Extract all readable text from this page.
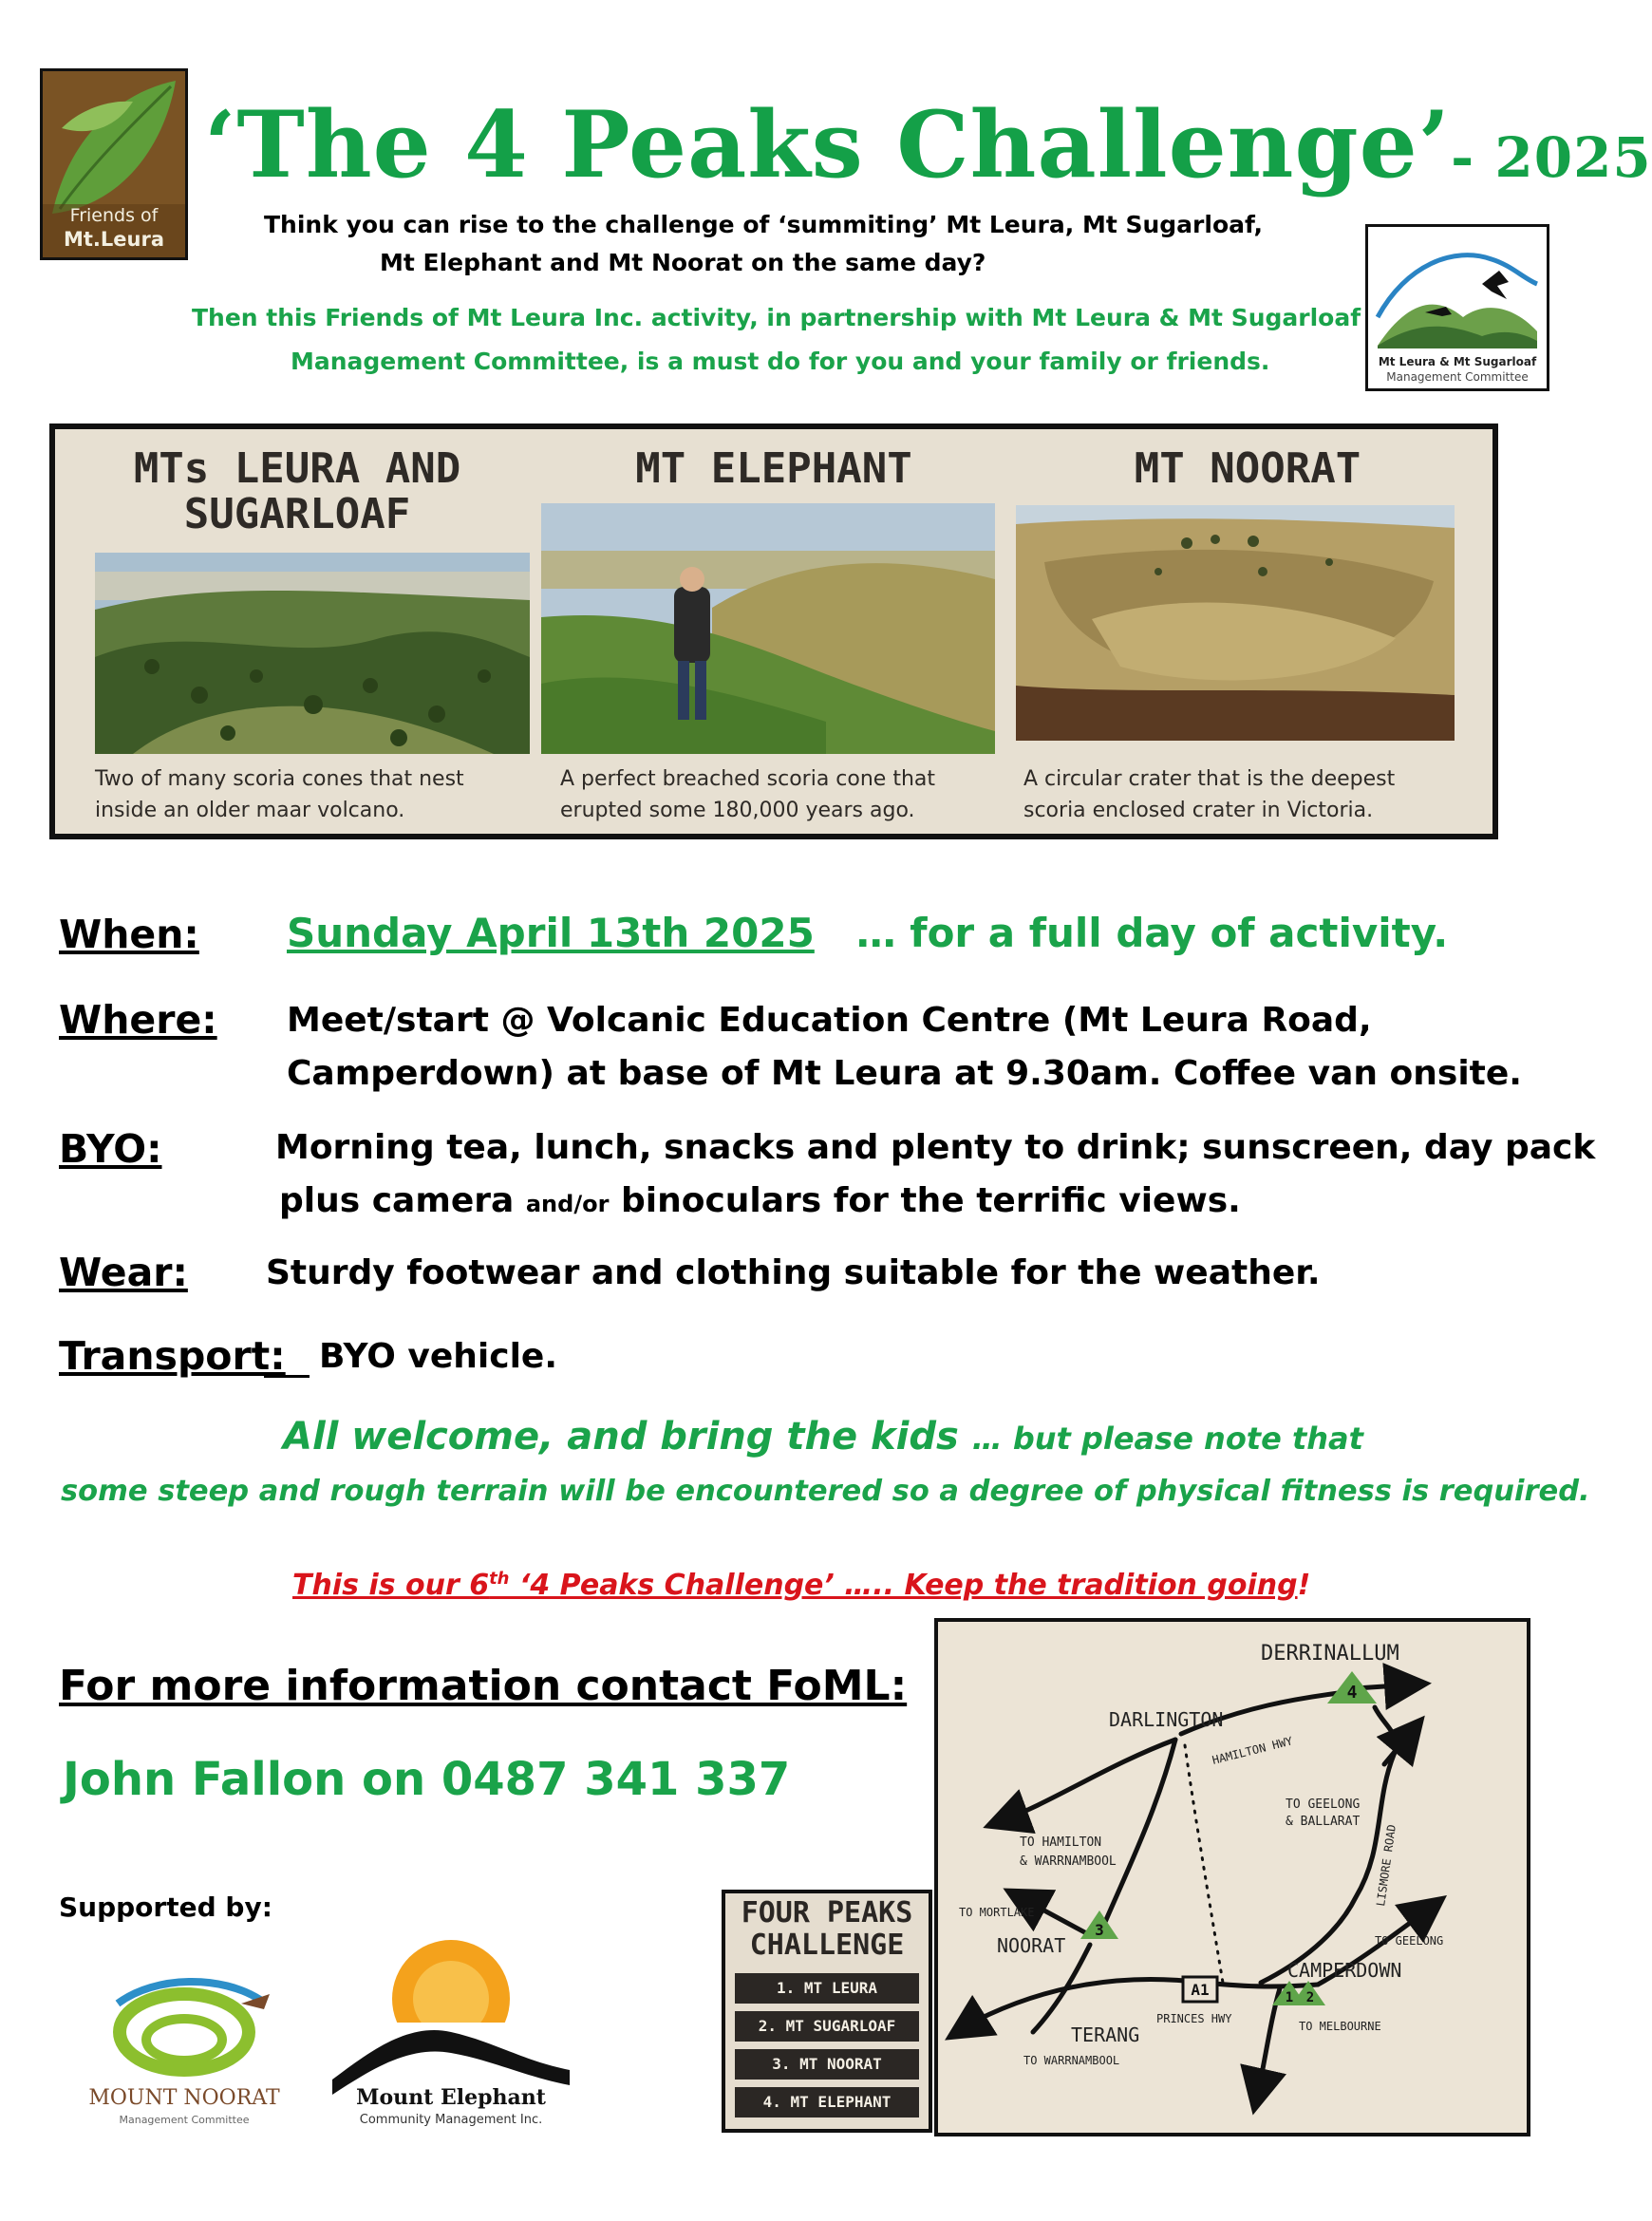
Friends of
Mt.Leura
‘The 4 Peaks Challenge’- 2025
Think you can rise to the challenge of ‘summiting’ Mt Leura, Mt Sugarloaf,
Mt Elephant and Mt Noorat on the same day?
Then this Friends of Mt Leura Inc. activity, in partnership with Mt Leura & Mt Sugarloaf
Management Committee, is a must do for you and your family or friends.	Mt Leura & Mt Sugarloaf
Management Committee
MTs LEURA AND
SUGARLOAF
Two of many scoria cones that nest
inside an older maar volcano.
MT ELEPHANT
A perfect breached scoria cone that
erupted some 180,000 years ago.
MT NOORAT
A circular crater that is the deepest
scoria enclosed crater in Victoria.
When: Sunday April 13th 2025 … for a full day of activity.
Where: Meet/start @ Volcanic Education Centre (Mt Leura Road,
Camperdown) at base of Mt Leura at 9.30am. Coffee van onsite.
BYO:	Morning tea, lunch, snacks and plenty to drink; sunscreen, day pack
plus camera and/or binoculars for the terrific views.
Wear: Sturdy footwear and clothing suitable for the weather.
Transport: BYO vehicle.
All welcome, and bring the kids … but please note that
some steep and rough terrain will be encountered so a degree of physical fitness is required.
This is our 6th ‘4 Peaks Challenge’ ….. Keep the tradition going!
For more information contact FoML:
John Fallon on 0487 341 337
Supported by:
MOUNT NOORAT
Management Committee
Mount Elephant
Community Management Inc.
FOUR PEAKS
CHALLENGE
1. MT LEURA
2. MT SUGARLOAF
3. MT NOORAT
4. MT ELEPHANT
4
3
1 2
A1
DERRINALLUM
DARLINGTON
HAMILTON HWY
TO HAMILTON
& WARRNAMBOOL
TO GEELONG
& BALLARAT
LISMORE ROAD
TO MORTLAKE
NOORAT	TO GEELONG
PRINCES HWY
CAMPERDOWN
TERANG	TO MELBOURNE
TO WARRNAMBOOL
